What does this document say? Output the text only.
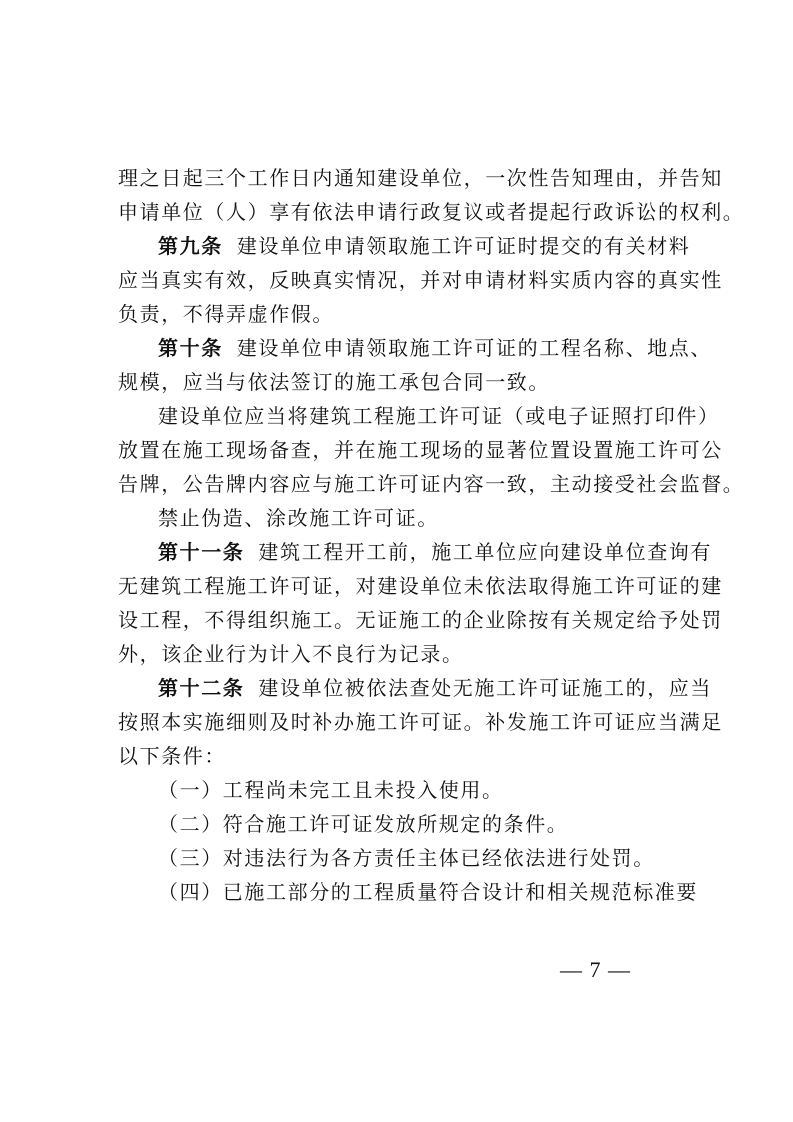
理之日起三个工作日内通知建设单位，一次性告知理由，并告知

申请单位（人）享有依法申请行政复议或者提起行政诉讼的权利。

第九条 建设单位申请领取施工许可证时提交的有关材料

应当真实有效，反映真实情况，并对申请材料实质内容的真实性

负责，不得弄虚作假。

第十条 建设单位申请领取施工许可证的工程名称、地点、

规模，应当与依法签订的施工承包合同一致。

建设单位应当将建筑工程施工许可证（或电子证照打印件）

放置在施工现场备查，并在施工现场的显著位置设置施工许可公

告牌，公告牌内容应与施工许可证内容一致，主动接受社会监督。

禁止伪造、涂改施工许可证。

第十一条 建筑工程开工前，施工单位应向建设单位查询有

无建筑工程施工许可证，对建设单位未依法取得施工许可证的建

设工程，不得组织施工。无证施工的企业除按有关规定给予处罚

外，该企业行为计入不良行为记录。

第十二条 建设单位被依法查处无施工许可证施工的，应当

按照本实施细则及时补办施工许可证。补发施工许可证应当满足

以下条件：

（一）工程尚未完工且未投入使用。

（二）符合施工许可证发放所规定的条件。

（三）对违法行为各方责任主体已经依法进行处罚。

（四）已施工部分的工程质量符合设计和相关规范标准要

— 7 —
